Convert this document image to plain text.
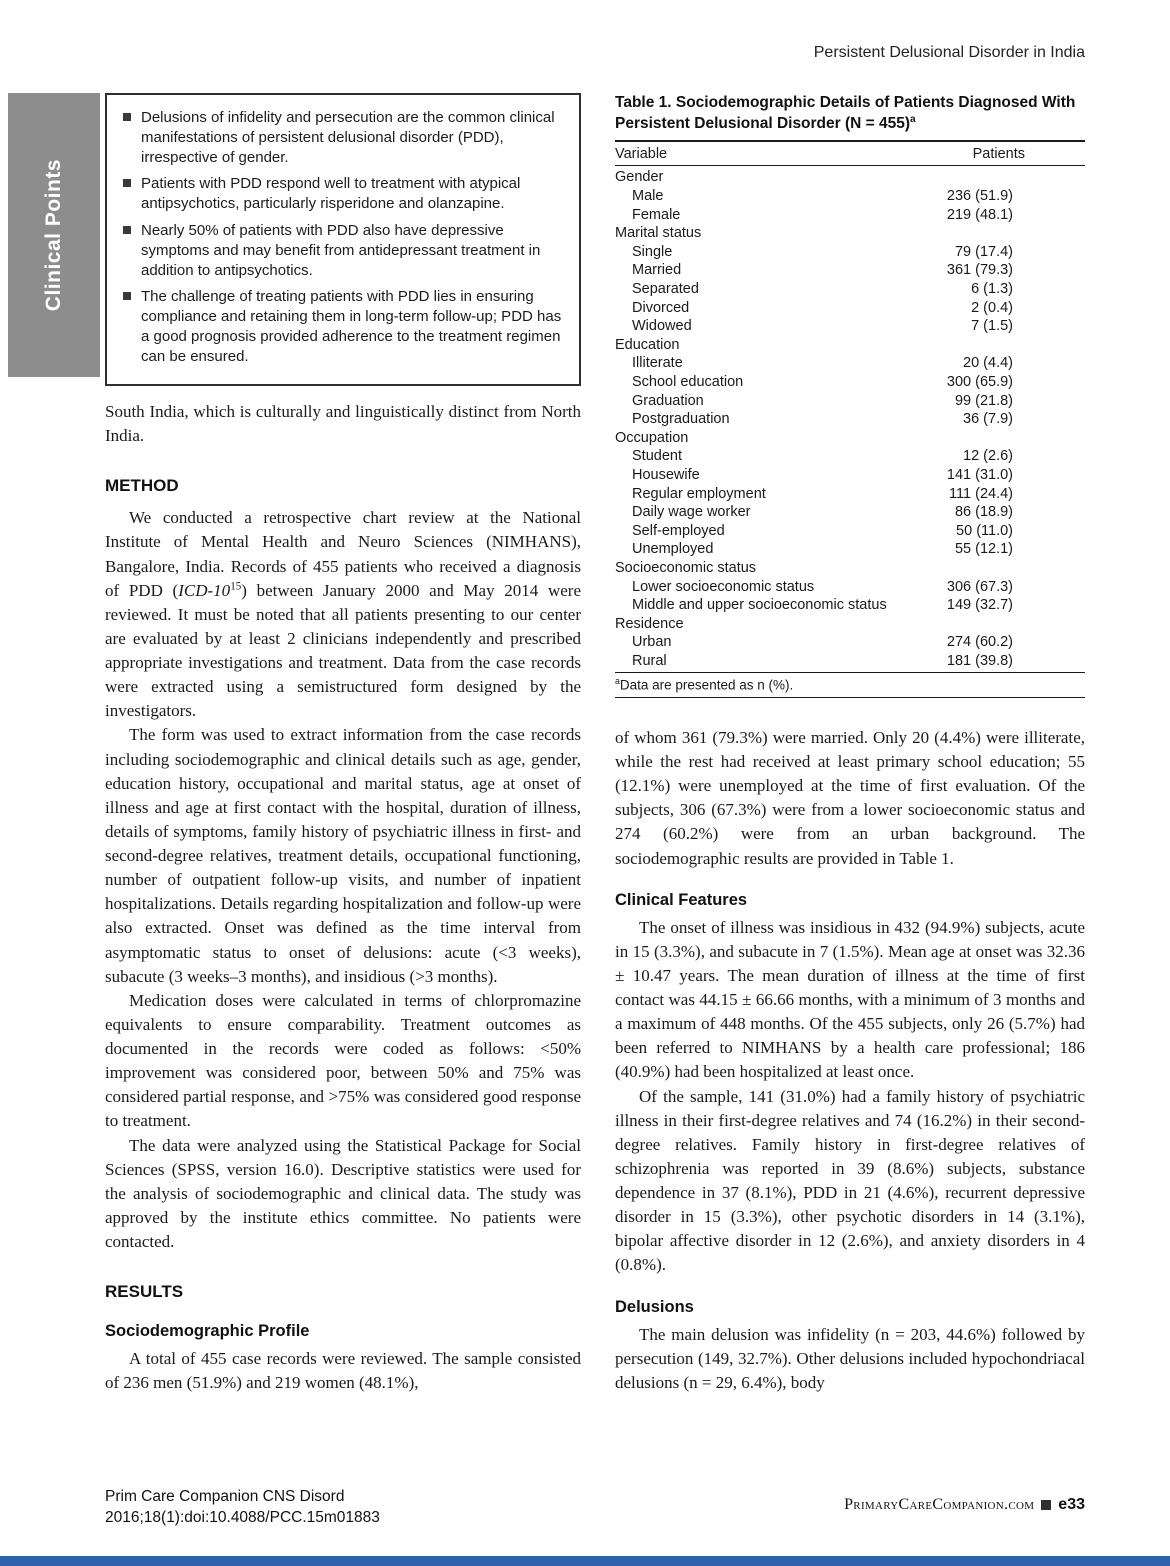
Persistent Delusional Disorder in India
Clinical Points
Delusions of infidelity and persecution are the common clinical manifestations of persistent delusional disorder (PDD), irrespective of gender.
Patients with PDD respond well to treatment with atypical antipsychotics, particularly risperidone and olanzapine.
Nearly 50% of patients with PDD also have depressive symptoms and may benefit from antidepressant treatment in addition to antipsychotics.
The challenge of treating patients with PDD lies in ensuring compliance and retaining them in long-term follow-up; PDD has a good prognosis provided adherence to the treatment regimen can be ensured.

South India, which is culturally and linguistically distinct from North India.

METHOD

We conducted a retrospective chart review at the National Institute of Mental Health and Neuro Sciences (NIMHANS), Bangalore, India. Records of 455 patients who received a diagnosis of PDD $(ICD-10^{15})$ between January 2000 and May 2014 were reviewed. It must be noted that all patients presenting to our center are evaluated by at least 2 clinicians independently and prescribed appropriate investigations and treatment. Data from the case records were extracted using a semistructured form designed by the investigators.

The form was used to extract information from the case records including sociodemographic and clinical details such as age, gender, education history, occupational and marital status, age at onset of illness and age at first contact with the hospital, duration of illness, details of symptoms, family history of psychiatric illness in first- and second-degree relatives, treatment details, occupational functioning, number of outpatient follow-up visits, and number of inpatient hospitalizations. Details regarding hospitalization and follow-up were also extracted. Onset was defined as the time interval from asymptomatic status to onset of delusions: acute (<3 weeks), subacute (3 weeks–3 months), and insidious (>3 months).

Medication doses were calculated in terms of chlorpromazine equivalents to ensure comparability. Treatment outcomes as documented in the records were coded as follows: <50% improvement was considered poor, between 50% and 75% was considered partial response, and >75% was considered good response to treatment.

The data were analyzed using the Statistical Package for Social Sciences (SPSS, version 16.0). Descriptive statistics were used for the analysis of sociodemographic and clinical data. The study was approved by the institute ethics committee. No patients were contacted.

RESULTS
Sociodemographic Profile

A total of 455 case records were reviewed. The sample consisted of 236 men (51.9%) and 219 women (48.1%),

Table 1. Sociodemographic Details of Patients Diagnosed With Persistent Delusional Disorder (N = 455)$^a$
Variable	Patients
Gender
Male	236 (51.9)
Female	219 (48.1)
Marital status
Single	79 (17.4)
Married	361 (79.3)
Separated	6 (1.3)
Divorced	2 (0.4)
Widowed	7 (1.5)
Education
Illiterate	20 (4.4)
School education	300 (65.9)
Graduation	99 (21.8)
Postgraduation	36 (7.9)
Occupation
Student	12 (2.6)
Housewife	141 (31.0)
Regular employment	111 (24.4)
Daily wage worker	86 (18.9)
Self-employed	50 (11.0)
Unemployed	55 (12.1)
Socioeconomic status
Lower socioeconomic status	306 (67.3)
Middle and upper socioeconomic status	149 (32.7)
Residence
Urban	274 (60.2)
Rural	181 (39.8)
$^a$Data are presented as n (%).

of whom 361 (79.3%) were married. Only 20 (4.4%) were illiterate, while the rest had received at least primary school education; 55 (12.1%) were unemployed at the time of first evaluation. Of the subjects, 306 (67.3%) were from a lower socioeconomic status and 274 (60.2%) were from an urban background. The sociodemographic results are provided in Table 1.

Clinical Features

The onset of illness was insidious in 432 (94.9%) subjects, acute in 15 (3.3%), and subacute in 7 (1.5%). Mean age at onset was 32.36 ± 10.47 years. The mean duration of illness at the time of first contact was 44.15 ± 66.66 months, with a minimum of 3 months and a maximum of 448 months. Of the 455 subjects, only 26 (5.7%) had been referred to NIMHANS by a health care professional; 186 (40.9%) had been hospitalized at least once.

Of the sample, 141 (31.0%) had a family history of psychiatric illness in their first-degree relatives and 74 (16.2%) in their second-degree relatives. Family history in first-degree relatives of schizophrenia was reported in 39 (8.6%) subjects, substance dependence in 37 (8.1%), PDD in 21 (4.6%), recurrent depressive disorder in 15 (3.3%), other psychotic disorders in 14 (3.1%), bipolar affective disorder in 12 (2.6%), and anxiety disorders in 4 (0.8%).

Delusions

The main delusion was infidelity (n = 203, 44.6%) followed by persecution (149, 32.7%). Other delusions included hypochondriacal delusions (n = 29, 6.4%), body

Prim Care Companion CNS Disord
2016;18(1):doi:10.4088/PCC.15m01883
PrimaryCareCompanion.com e33
